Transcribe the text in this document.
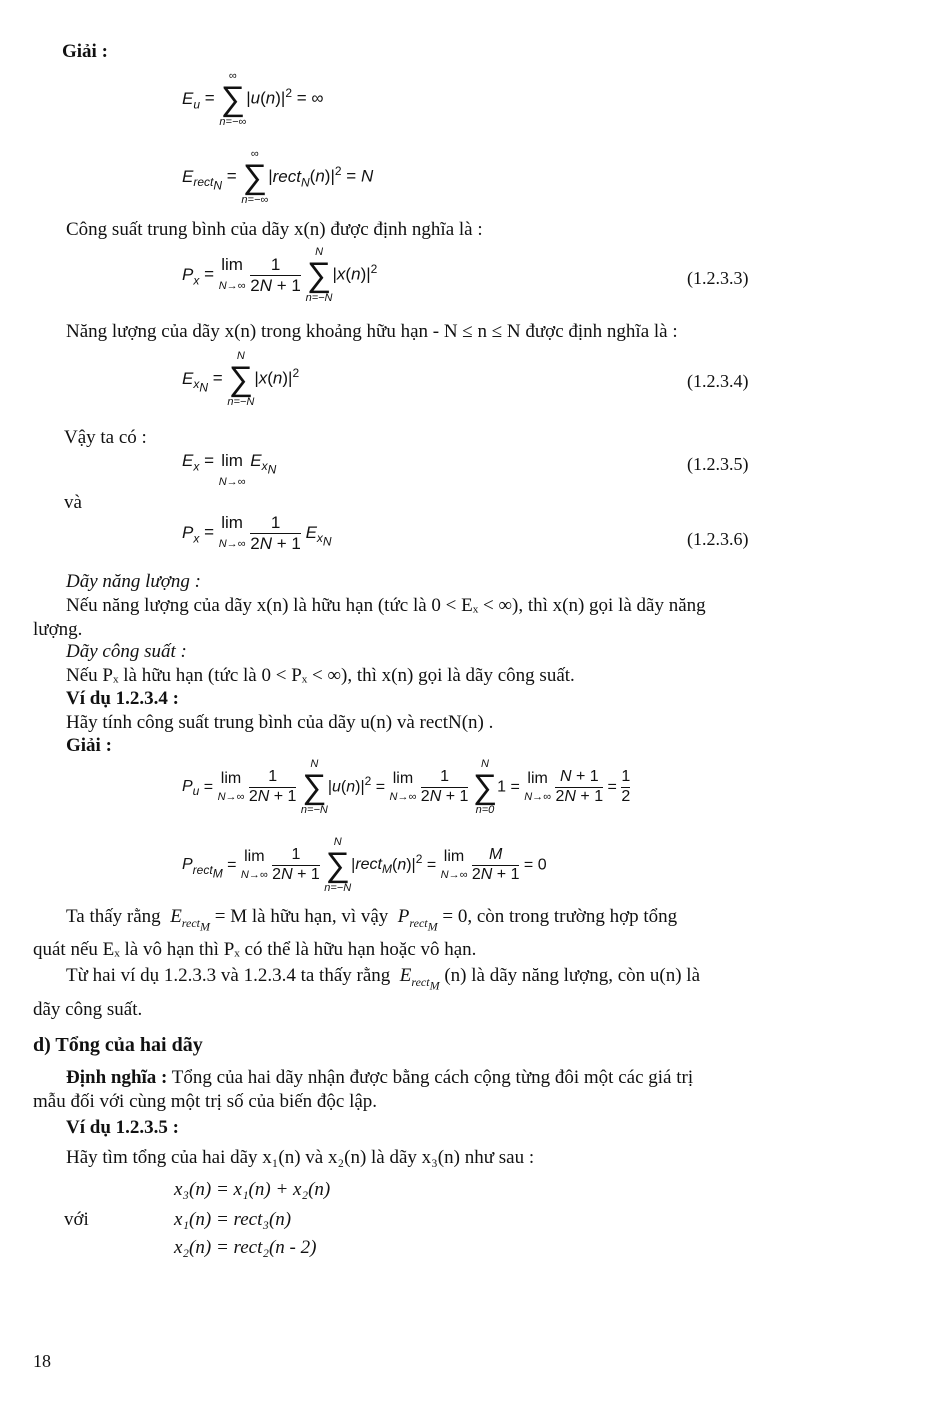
Giải :
$E_u$ =
∞
∑
n=−∞
$|u(n)|^2$ = ∞
$E_{rect_N}$ =
∞
∑
n=−∞
$|rect_N(n)|^2 = N$
Công suất trung bình của dãy x(n) được định nghĩa là :
$P_x = \lim$
$N\to\infty \frac{1}{2N + 1}$

N
∑
n=−N
$|x(n)|^2$	(1.2.3.3)
Năng lượng của dãy x(n) trong khoảng hữu hạn - N ≤ n ≤ N được định nghĩa là :
$E_{x_N}$ =
N
∑
n=−N
$|x(n)|^2$	(1.2.3.4)
Vậy ta có :
$E_x = \lim$
N→∞ $E_{x_N}$	(1.2.3.5)
và
$P_x = \lim$
$N\to\infty \frac{1}{2N + 1} E_{x_N}$	(1.2.3.6)
Dãy năng lượng :
Nếu năng lượng của dãy x(n) là hữu hạn (tức là 0 < Eₓ < ∞), thì x(n) gọi là dãy năng
lượng.
Dãy công suất :
Nếu Pₓ là hữu hạn (tức là 0 < Pₓ < ∞), thì x(n) gọi là dãy công suất.
Ví dụ 1.2.3.4 :
Hãy tính công suất trung bình của dãy u(n) và rectN(n) .
Giải :
$P_u = \lim$
$N\to\infty \frac{1}{2N + 1}$

N
∑
n=−N
$|u(n)|^2 = \lim$
$N\to\infty \frac{1}{2N + 1}$

N
∑
n=0
1 = lim
$N\to\infty \frac{N + 1}{2N + 1} = \frac{1}{2}$
$P_{rect_M} = \lim$
$N\to\infty \frac{1}{2N + 1}$

N
∑
n=−N
$|rect_M(n)|^2 = \lim$
$N\to\infty \frac{M}{2N + 1} = 0$
Ta thấy rằng $E_{rect_M} = M$ là hữu hạn, vì vậy $P_{rect_M} = 0$, còn trong trường hợp tổng
quát nếu Eₓ là vô hạn thì Pₓ có thể là hữu hạn hoặc vô hạn.
Từ hai ví dụ 1.2.3.3 và 1.2.3.4 ta thấy rằng $E_{rect_M}$ (n) là dãy năng lượng, còn u(n) là
dãy công suất.
d) Tổng của hai dãy
Định nghĩa : Tổng của hai dãy nhận được bằng cách cộng từng đôi một các giá trị
mẫu đối với cùng một trị số của biến độc lập.
Ví dụ 1.2.3.5 :
Hãy tìm tổng của hai dãy x₁(n) và x₂(n) là dãy x₃(n) như sau :
x₃(n) = x₁(n) + x₂(n)
với	x₁(n) = rect₃(n)
x₂(n) = rect₂(n - 2)
18
